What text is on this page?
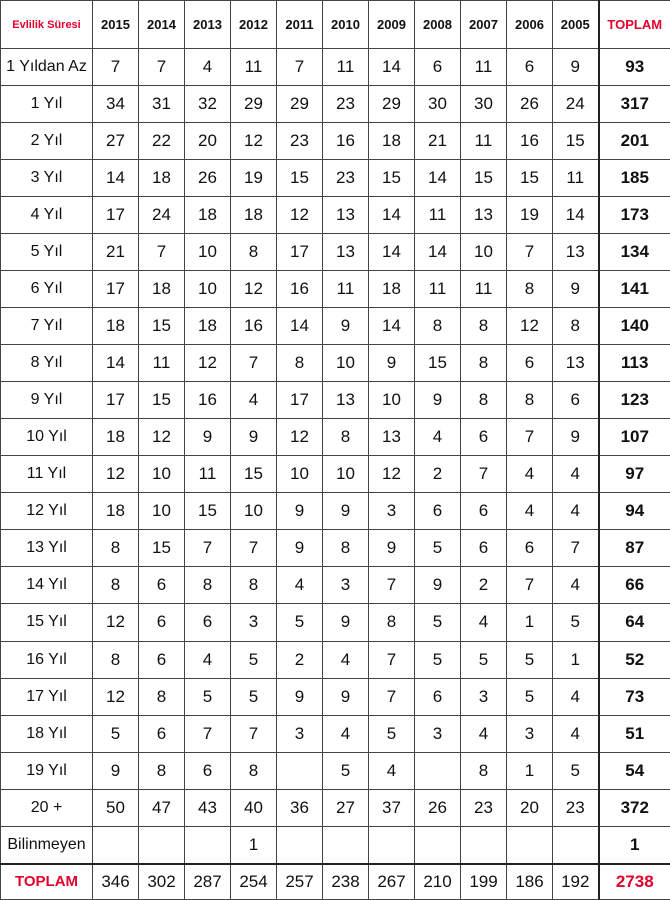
Evlilik Süresi	2015	2014	2013	2012	2011	2010	2009	2008	2007	2006	2005	TOPLAM
1 Yıldan Az	7	7	4	11	7	11	14	6	11	6	9	93
1 Yıl	34	31	32	29	29	23	29	30	30	26	24	317
2 Yıl	27	22	20	12	23	16	18	21	11	16	15	201
3 Yıl	14	18	26	19	15	23	15	14	15	15	11	185
4 Yıl	17	24	18	18	12	13	14	11	13	19	14	173
5 Yıl	21	7	10	8	17	13	14	14	10	7	13	134
6 Yıl	17	18	10	12	16	11	18	11	11	8	9	141
7 Yıl	18	15	18	16	14	9	14	8	8	12	8	140
8 Yıl	14	11	12	7	8	10	9	15	8	6	13	113
9 Yıl	17	15	16	4	17	13	10	9	8	8	6	123
10 Yıl	18	12	9	9	12	8	13	4	6	7	9	107
11 Yıl	12	10	11	15	10	10	12	2	7	4	4	97
12 Yıl	18	10	15	10	9	9	3	6	6	4	4	94
13 Yıl	8	15	7	7	9	8	9	5	6	6	7	87
14 Yıl	8	6	8	8	4	3	7	9	2	7	4	66
15 Yıl	12	6	6	3	5	9	8	5	4	1	5	64
16 Yıl	8	6	4	5	2	4	7	5	5	5	1	52
17 Yıl	12	8	5	5	9	9	7	6	3	5	4	73
18 Yıl	5	6	7	7	3	4	5	3	4	3	4	51
19 Yıl	9	8	6	8		5	4		8	1	5	54
20 +	50	47	43	40	36	27	37	26	23	20	23	372
Bilinmeyen				1								1
TOPLAM	346	302	287	254	257	238	267	210	199	186	192	2738
